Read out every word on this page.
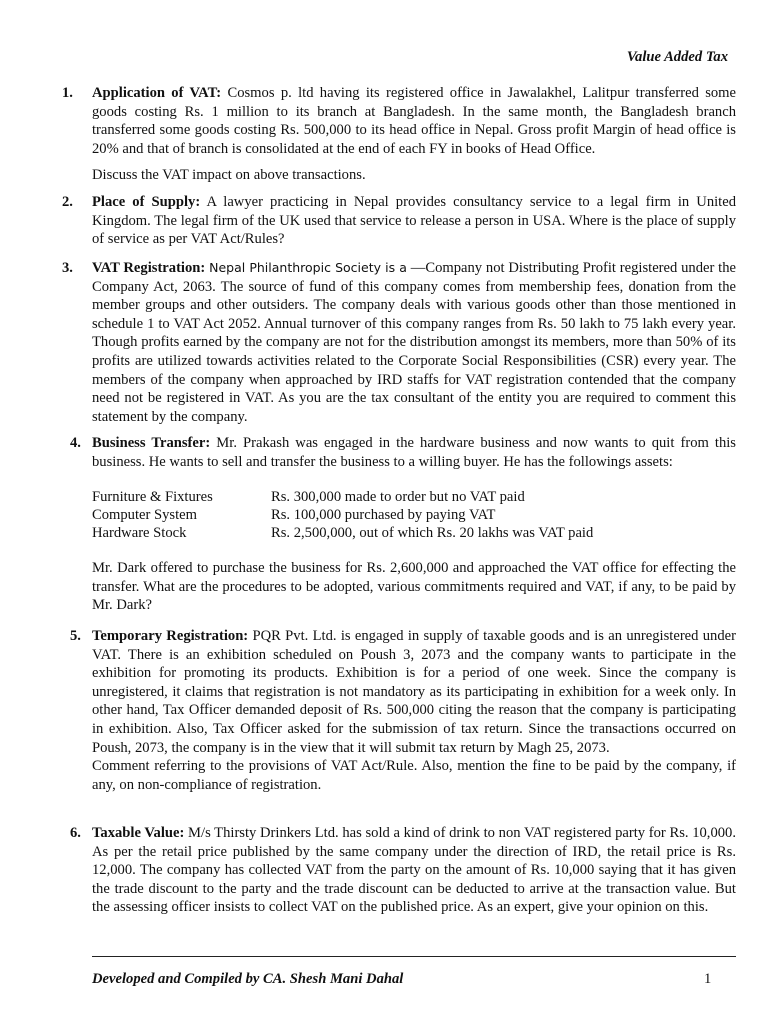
Value Added Tax
1. Application of VAT: Cosmos p. ltd having its registered office in Jawalakhel, Lalitpur transferred some goods costing Rs. 1 million to its branch at Bangladesh. In the same month, the Bangladesh branch transferred some goods costing Rs. 500,000 to its head office in Nepal. Gross profit Margin of head office is 20% and that of branch is consolidated at the end of each FY in books of Head Office.

Discuss the VAT impact on above transactions.

2. Place of Supply: A lawyer practicing in Nepal provides consultancy service to a legal firm in United Kingdom. The legal firm of the UK used that service to release a person in USA. Where is the place of supply of service as per VAT Act/Rules?

3. VAT Registration: Nepal Philanthropic Society is a —Company not Distributing Profit registered under the Company Act, 2063. The source of fund of this company comes from membership fees, donation from the member groups and other outsiders. The company deals with various goods other than those mentioned in schedule 1 to VAT Act 2052. Annual turnover of this company ranges from Rs. 50 lakh to 75 lakh every year. Though profits earned by the company are not for the distribution amongst its members, more than 50% of its profits are utilized towards activities related to the Corporate Social Responsibilities (CSR) every year. The members of the company when approached by IRD staffs for VAT registration contended that the company need not be registered in VAT. As you are the tax consultant of the entity you are required to comment this statement by the company.

4. Business Transfer: Mr. Prakash was engaged in the hardware business and now wants to quit from this business. He wants to sell and transfer the business to a willing buyer. He has the followings assets:

Furniture & Fixtures	Rs. 300,000 made to order but no VAT paid
Computer System	Rs. 100,000 purchased by paying VAT
Hardware Stock	Rs. 2,500,000, out of which Rs. 20 lakhs was VAT paid

Mr. Dark offered to purchase the business for Rs. 2,600,000 and approached the VAT office for effecting the transfer. What are the procedures to be adopted, various commitments required and VAT, if any, to be paid by Mr. Dark?

5. Temporary Registration: PQR Pvt. Ltd. is engaged in supply of taxable goods and is an unregistered under VAT. There is an exhibition scheduled on Poush 3, 2073 and the company wants to participate in the exhibition for promoting its products. Exhibition is for a period of one week. Since the company is unregistered, it claims that registration is not mandatory as its participating in exhibition for a week only. In other hand, Tax Officer demanded deposit of Rs. 500,000 citing the reason that the company is participating in exhibition. Also, Tax Officer asked for the submission of tax return. Since the transactions occurred on Poush, 2073, the company is in the view that it will submit tax return by Magh 25, 2073.

Comment referring to the provisions of VAT Act/Rule. Also, mention the fine to be paid by the company, if any, on non-compliance of registration.

6. Taxable Value: M/s Thirsty Drinkers Ltd. has sold a kind of drink to non VAT registered party for Rs. 10,000. As per the retail price published by the same company under the direction of IRD, the retail price is Rs. 12,000. The company has collected VAT from the party on the amount of Rs. 10,000 saying that it has given the trade discount to the party and the trade discount can be deducted to arrive at the transaction value. But the assessing officer insists to collect VAT on the published price. As an expert, give your opinion on this.

Developed and Compiled by CA. Shesh Mani Dahal	1
